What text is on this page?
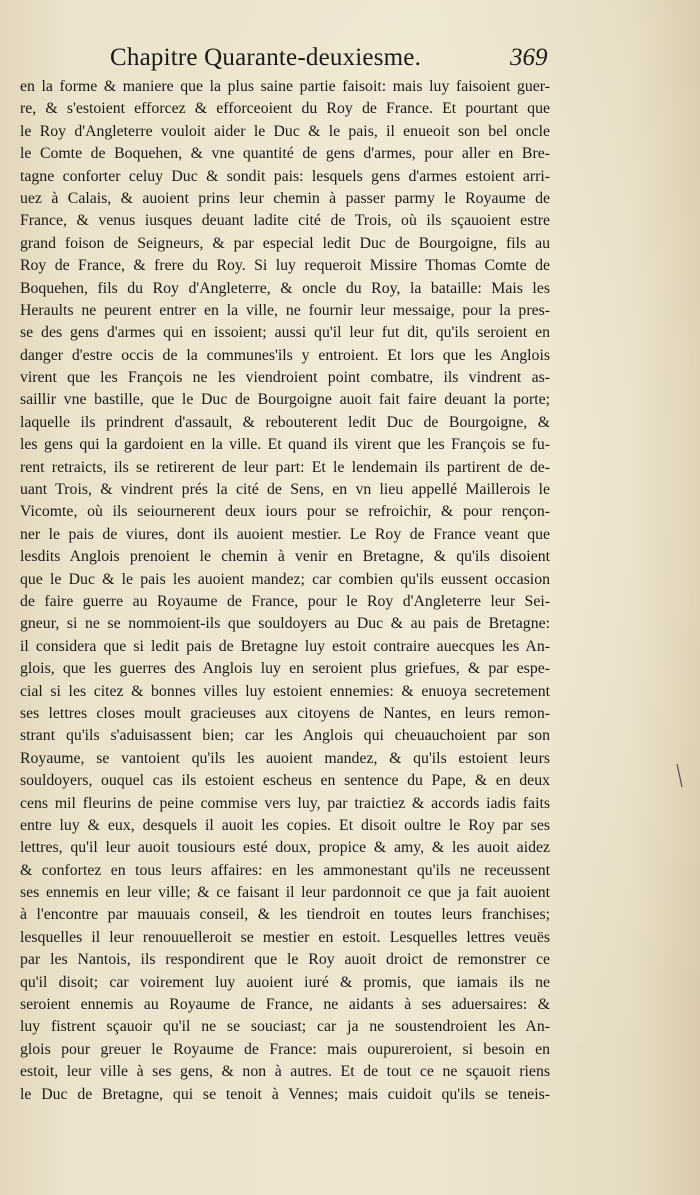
Chapitre Quarante-deuxiesme.	369
en la forme & maniere que la plus saine partie faisoit: mais luy faisoient guer-
re, & s'estoient efforcez & efforceoient du Roy de France. Et pourtant que
le Roy d'Angleterre vouloit aider le Duc & le pais, il enueoit son bel oncle
le Comte de Boquehen, & vne quantité de gens d'armes, pour aller en Bre-
tagne conforter celuy Duc & sondit pais: lesquels gens d'armes estoient arri-
uez à Calais, & auoient prins leur chemin à passer parmy le Royaume de
France, & venus iusques deuant ladite cité de Trois, où ils sçauoient estre
grand foison de Seigneurs, & par especial ledit Duc de Bourgoigne, fils au
Roy de France, & frere du Roy. Si luy requeroit Missire Thomas Comte de
Boquehen, fils du Roy d'Angleterre, & oncle du Roy, la bataille: Mais les
Heraults ne peurent entrer en la ville, ne fournir leur messaige, pour la pres-
se des gens d'armes qui en issoient; aussi qu'il leur fut dit, qu'ils seroient en
danger d'estre occis de la communes'ils y entroient. Et lors que les Anglois
virent que les François ne les viendroient point combatre, ils vindrent as-
saillir vne bastille, que le Duc de Bourgoigne auoit fait faire deuant la porte;
laquelle ils prindrent d'assault, & rebouterent ledit Duc de Bourgoigne, &
les gens qui la gardoient en la ville. Et quand ils virent que les François se fu-
rent retraicts, ils se retirerent de leur part: Et le lendemain ils partirent de de-
uant Trois, & vindrent prés la cité de Sens, en vn lieu appellé Maillerois le
Vicomte, où ils seiournerent deux iours pour se refroichir, & pour rençon-
ner le pais de viures, dont ils auoient mestier. Le Roy de France veant que
lesdits Anglois prenoient le chemin à venir en Bretagne, & qu'ils disoient
que le Duc & le pais les auoient mandez; car combien qu'ils eussent occasion
de faire guerre au Royaume de France, pour le Roy d'Angleterre leur Sei-
gneur, si ne se nommoient-ils que souldoyers au Duc & au pais de Bretagne:
il considera que si ledit pais de Bretagne luy estoit contraire auecques les An-
glois, que les guerres des Anglois luy en seroient plus griefues, & par espe-
cial si les citez & bonnes villes luy estoient ennemies: & enuoya secretement
ses lettres closes moult gracieuses aux citoyens de Nantes, en leurs remon-
strant qu'ils s'aduisassent bien; car les Anglois qui cheuauchoient par son
Royaume, se vantoient qu'ils les auoient mandez, & qu'ils estoient leurs
souldoyers, ouquel cas ils estoient escheus en sentence du Pape, & en deux
cens mil fleurins de peine commise vers luy, par traictiez & accords iadis faits
entre luy & eux, desquels il auoit les copies. Et disoit oultre le Roy par ses
lettres, qu'il leur auoit tousiours esté doux, propice & amy, & les auoit aidez
& confortez en tous leurs affaires: en les ammonestant qu'ils ne receussent
ses ennemis en leur ville; & ce faisant il leur pardonnoit ce que ja fait auoient
à l'encontre par mauuais conseil, & les tiendroit en toutes leurs franchises;
lesquelles il leur renouuelleroit se mestier en estoit. Lesquelles lettres veuës
par les Nantois, ils respondirent que le Roy auoit droict de remonstrer ce
qu'il disoit; car voirement luy auoient iuré & promis, que iamais ils ne
seroient ennemis au Royaume de France, ne aidants à ses aduersaires: &
luy fistrent sçauoir qu'il ne se souciast; car ja ne soustendroient les An-
glois pour greuer le Royaume de France: mais oupureroient, si besoin en
estoit, leur ville à ses gens, & non à autres. Et de tout ce ne sçauoit riens
le Duc de Bretagne, qui se tenoit à Vennes; mais cuidoit qu'ils se teneis-
